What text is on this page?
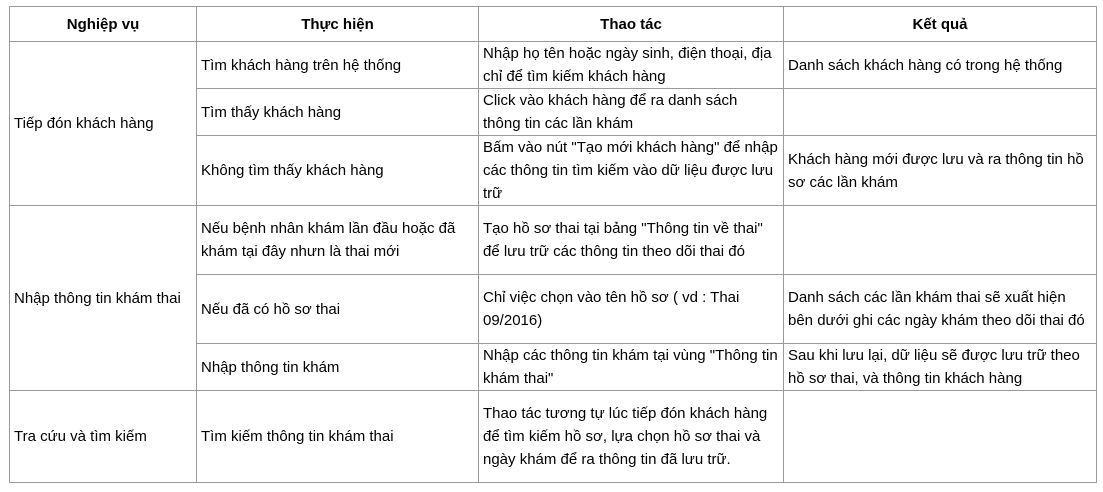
Nghiệp vụ	Thực hiện	Thao tác	Kết quả
Tiếp đón khách hàng	Tìm khách hàng trên hệ thống	Nhập họ tên hoặc ngày sinh, điện thoại, địa chỉ để tìm kiếm khách hàng	Danh sách khách hàng có trong hệ thống
	Tìm thấy khách hàng	Click vào khách hàng để ra danh sách thông tin các lần khám	
	Không tìm thấy khách hàng	Bấm vào nút "Tạo mới khách hàng" để nhập các thông tin tìm kiếm vào dữ liệu được lưu trữ	Khách hàng mới được lưu và ra thông tin hồ sơ các lần khám
Nhập thông tin khám thai	Nếu bệnh nhân khám lần đầu hoặc đã khám tại đây nhưn là thai mới	Tạo hồ sơ thai tại bảng "Thông tin về thai" để lưu trữ các thông tin theo dõi thai đó	
	Nếu đã có hồ sơ thai	Chỉ việc chọn vào tên hồ sơ ( vd : Thai 09/2016)	Danh sách các lần khám thai sẽ xuất hiện bên dưới ghi các ngày khám theo dõi thai đó
	Nhập thông tin khám	Nhập các thông tin khám tại vùng "Thông tin khám thai"	Sau khi lưu lại, dữ liệu sẽ được lưu trữ theo hồ sơ thai, và thông tin khách hàng
Tra cứu và tìm kiếm	Tìm kiếm thông tin khám thai	Thao tác tương tự lúc tiếp đón khách hàng để tìm kiếm hồ sơ, lựa chọn hồ sơ thai và ngày khám để ra thông tin đã lưu trữ.	
